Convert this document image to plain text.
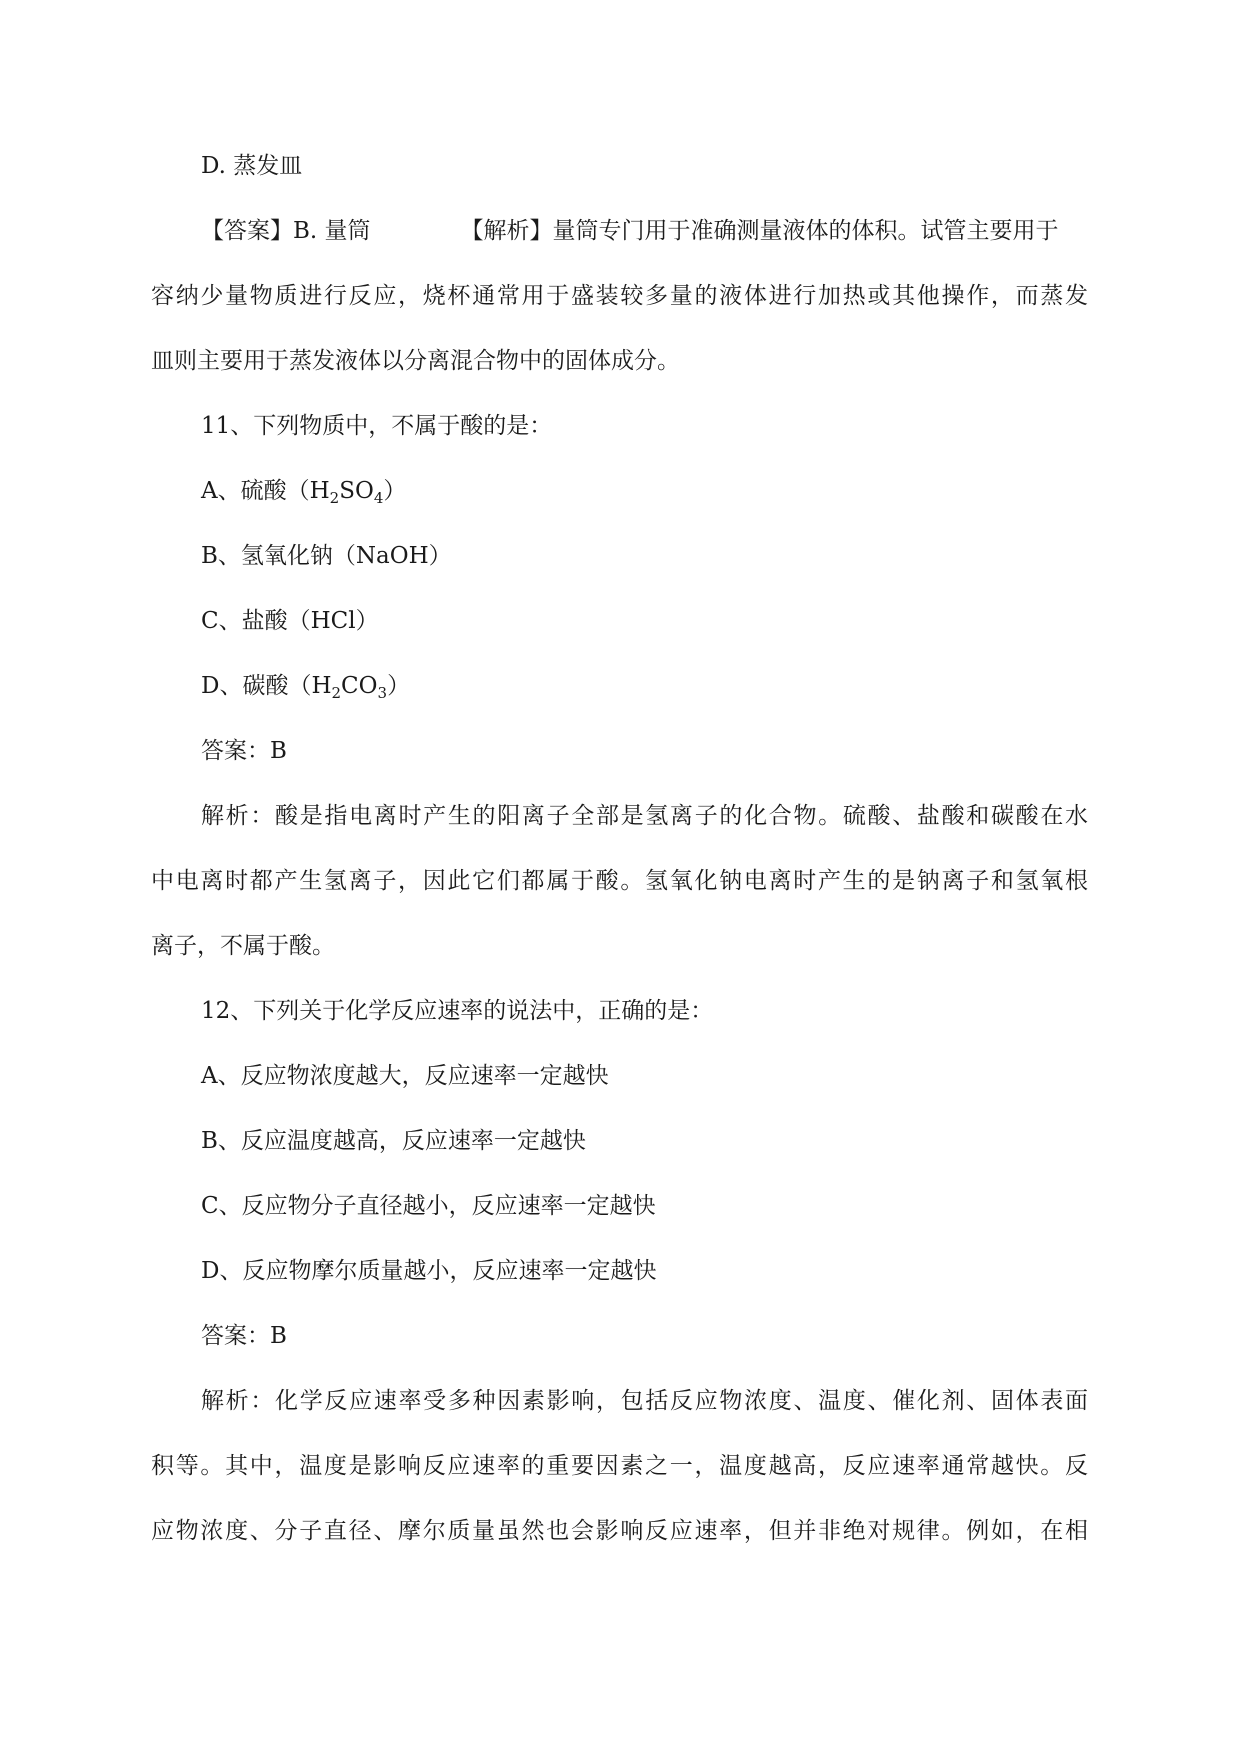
D. 蒸发皿
【答案】B. 量筒	【解析】量筒专门用于准确测量液体的体积。试管主要用于
容纳少量物质进行反应，烧杯通常用于盛装较多量的液体进行加热或其他操作，而蒸发
皿则主要用于蒸发液体以分离混合物中的固体成分。
11、下列物质中，不属于酸的是：
A、硫酸$(H_2SO_4)$
B、氢氧化钠（NaOH）
C、盐酸（HCl）
D、碳酸$(H_2CO_3)$
答案：B
解析：酸是指电离时产生的阳离子全部是氢离子的化合物。硫酸、盐酸和碳酸在水
中电离时都产生氢离子，因此它们都属于酸。氢氧化钠电离时产生的是钠离子和氢氧根
离子，不属于酸。
12、下列关于化学反应速率的说法中，正确的是：
A、反应物浓度越大，反应速率一定越快
B、反应温度越高，反应速率一定越快
C、反应物分子直径越小，反应速率一定越快
D、反应物摩尔质量越小，反应速率一定越快
答案：B
解析：化学反应速率受多种因素影响，包括反应物浓度、温度、催化剂、固体表面
积等。其中，温度是影响反应速率的重要因素之一，温度越高，反应速率通常越快。反
应物浓度、分子直径、摩尔质量虽然也会影响反应速率，但并非绝对规律。例如，在相
